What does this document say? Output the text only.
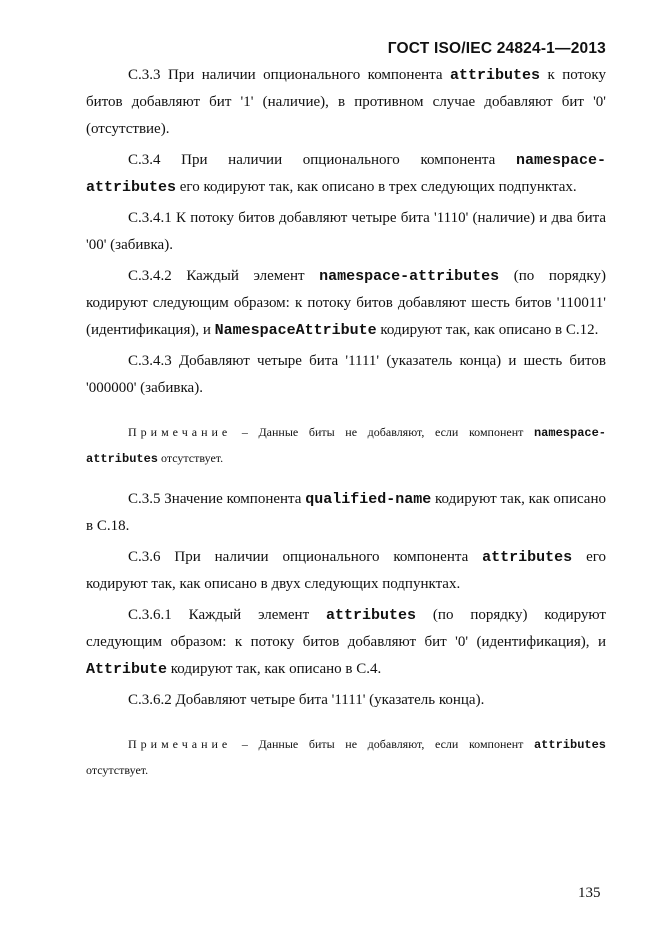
ГОСТ ISO/IEC 24824-1—2013

С.3.3 При наличии опционального компонента attributes к потоку битов добавляют бит '1' (наличие), в противном случае добавляют бит '0' (отсутствие).

С.3.4 При наличии опционального компонента namespace-attributes его кодируют так, как описано в трех следующих подпунктах.

С.3.4.1 К потоку битов добавляют четыре бита '1110' (наличие) и два бита '00' (забивка).

С.3.4.2 Каждый элемент namespace-attributes (по порядку) кодируют следующим образом: к потоку битов добавляют шесть битов '110011' (идентификация), и NamespaceAttribute кодируют так, как описано в С.12.

С.3.4.3 Добавляют четыре бита '1111' (указатель конца) и шесть битов '000000' (забивка).

Примечание – Данные биты не добавляют, если компонент namespace-attributes отсутствует.

С.3.5 Значение компонента qualified-name кодируют так, как описано в С.18.

С.3.6 При наличии опционального компонента attributes его кодируют так, как описано в двух следующих подпунктах.

С.3.6.1 Каждый элемент attributes (по порядку) кодируют следующим образом: к потоку битов добавляют бит '0' (идентификация), и Attribute кодируют так, как описано в С.4.

С.3.6.2 Добавляют четыре бита '1111' (указатель конца).

Примечание – Данные биты не добавляют, если компонент attributes отсутствует.

135
